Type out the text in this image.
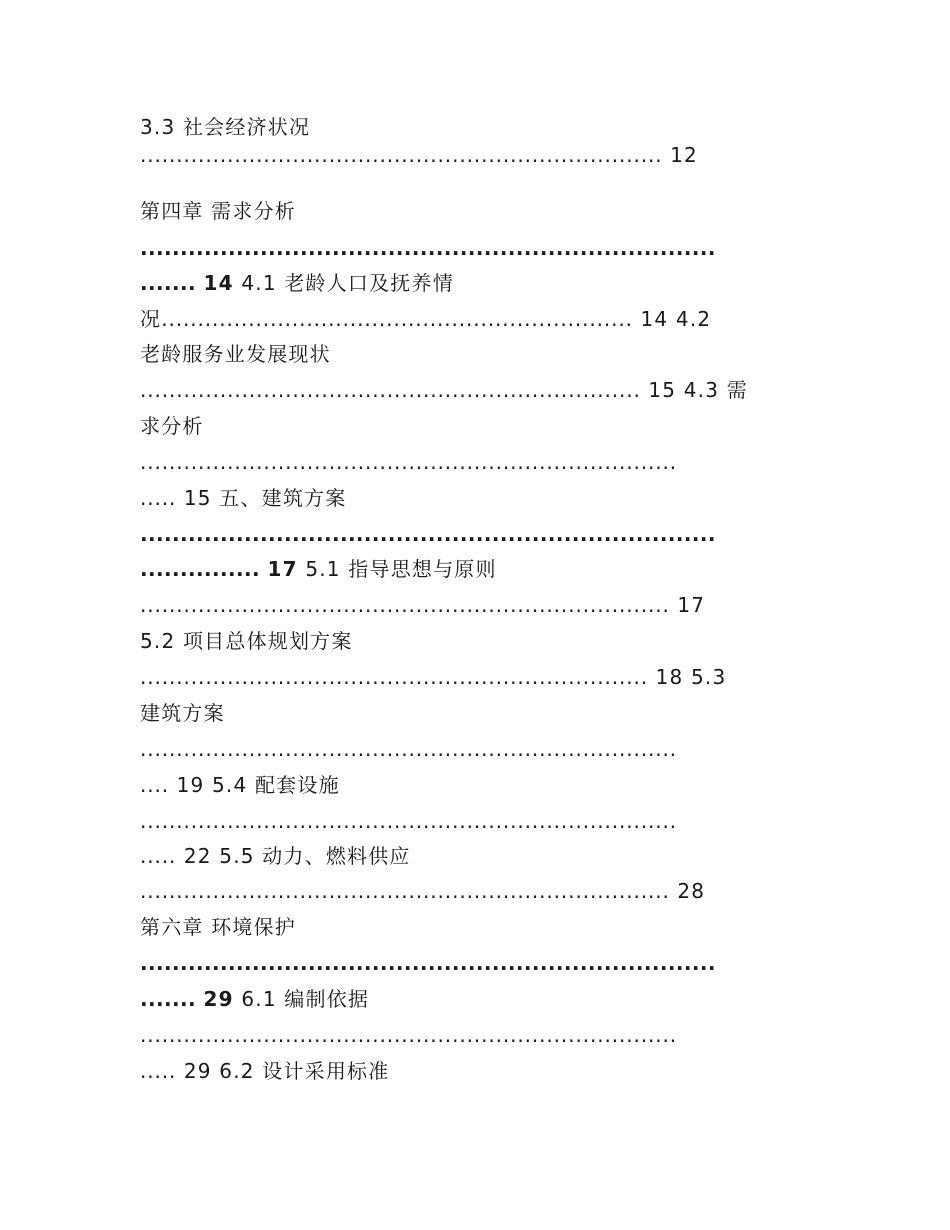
3.3 社会经济状况
........................................................................ 12
第四章 需求分析
........................................................................
....... 14 4.1 老龄人口及抚养情
况................................................................. 14 4.2
老龄服务业发展现状
..................................................................... 15 4.3 需
求分析
..........................................................................
..... 15 五、建筑方案
........................................................................
............... 17 5.1 指导思想与原则
......................................................................... 17
5.2 项目总体规划方案
...................................................................... 18 5.3
建筑方案
..........................................................................
.... 19 5.4 配套设施
..........................................................................
..... 22 5.5 动力、燃料供应
......................................................................... 28
第六章 环境保护
........................................................................
....... 29 6.1 编制依据
..........................................................................
..... 29 6.2 设计采用标准
